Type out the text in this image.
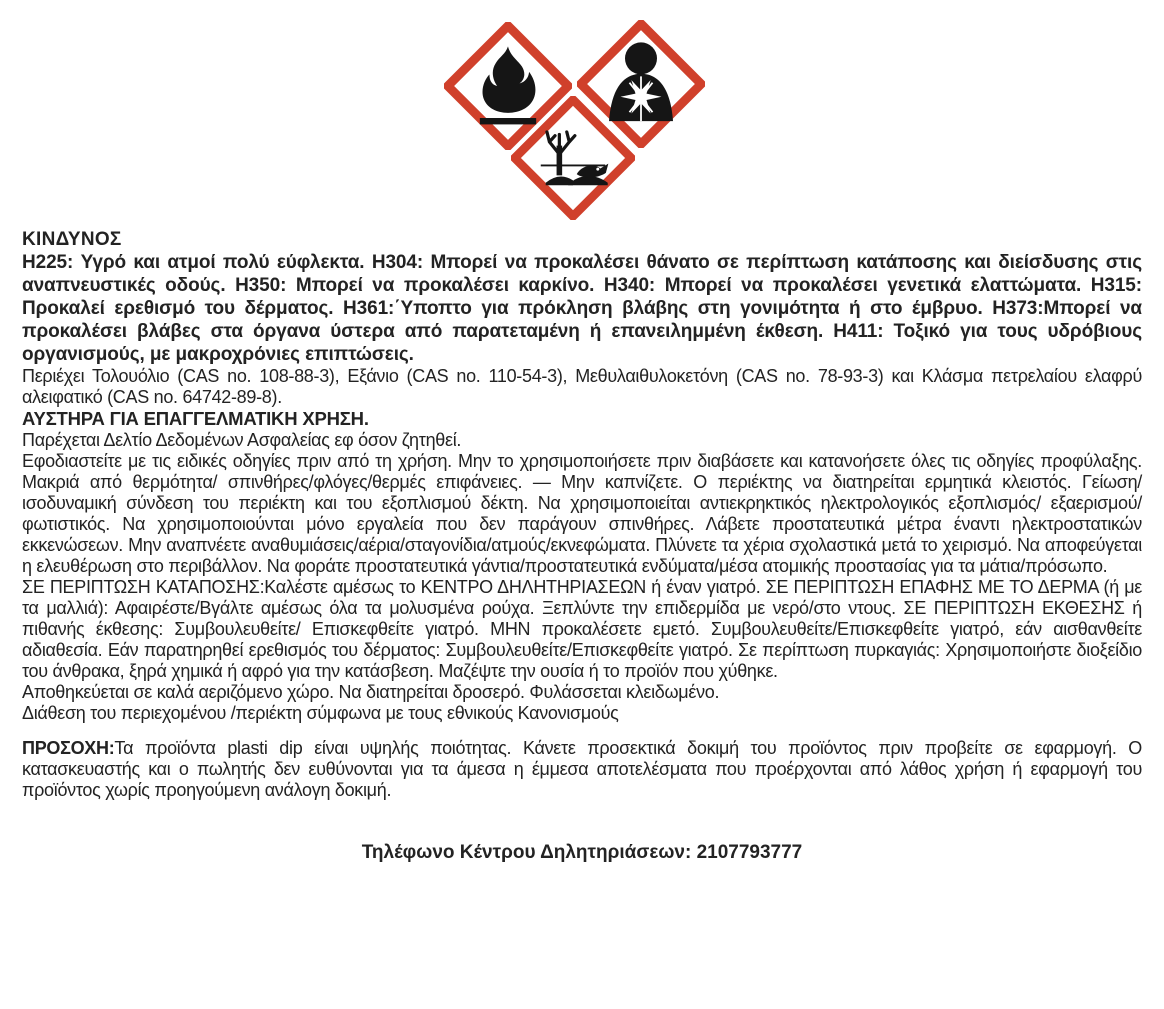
ΚΙΝΔΥΝΟΣ

H225: Υγρό και ατμοί πολύ εύφλεκτα. H304: Μπορεί να προκαλέσει θάνατο σε περίπτωση κατάποσης και διείσδυσης στις αναπνευστικές οδούς. H350: Μπορεί να προκαλέσει καρκίνο. H340: Μπορεί να προκαλέσει γενετικά ελαττώματα. H315: Προκαλεί ερεθισμό του δέρματος. H361:΄Υποπτο για πρόκληση βλάβης στη γονιμότητα ή στο έμβρυο. H373:Μπορεί να προκαλέσει βλάβες στα όργανα ύστερα από παρατεταμένη ή επανειλημμένη έκθεση. H411: Τοξικό για τους υδρόβιους οργανισμούς, με μακροχρόνιες επιπτώσεις.

Περιέχει Τολουόλιο (CAS no. 108-88-3), Εξάνιο (CAS no. 110-54-3), Μεθυλαιθυλοκετόνη (CAS no. 78-93-3) και Κλάσμα πετρελαίου ελαφρύ αλειφατικό (CAS no. 64742-89-8).

ΑΥΣΤΗΡΑ ΓΙΑ ΕΠΑΓΓΕΛΜΑΤΙΚΗ ΧΡΗΣΗ.

Παρέχεται Δελτίο Δεδομένων Ασφαλείας εφ όσον ζητηθεί.

Εφοδιαστείτε με τις ειδικές οδηγίες πριν από τη χρήση. Μην το χρησιμοποιήσετε πριν διαβάσετε και κατανοήσετε όλες τις οδηγίες προφύλαξης. Μακριά από θερμότητα/ σπινθήρες/φλόγες/θερμές επιφάνειες. — Μην καπνίζετε. Ο περιέκτης να διατηρείται ερμητικά κλειστός. Γείωση/ισοδυναμική σύνδεση του περιέκτη και του εξοπλισμού δέκτη. Να χρησιμοποιείται αντιεκρηκτικός ηλεκτρολογικός εξοπλισμός/ εξαερισμού/ φωτιστικός. Να χρησιμοποιούνται μόνο εργαλεία που δεν παράγουν σπινθήρες. Λάβετε προστατευτικά μέτρα έναντι ηλεκτροστατικών εκκενώσεων. Μην αναπνέετε αναθυμιάσεις/αέρια/σταγονίδια/ατμούς/εκνεφώματα. Πλύνετε τα χέρια σχολαστικά μετά το χειρισμό. Να αποφεύγεται η ελευθέρωση στο περιβάλλον. Να φοράτε προστατευτικά γάντια/προστατευτικά ενδύματα/μέσα ατομικής προστασίας για τα μάτια/πρόσωπο.

ΣΕ ΠΕΡΙΠΤΩΣΗ ΚΑΤΑΠΟΣΗΣ:Καλέστε αμέσως το ΚΕΝΤΡΟ ΔΗΛΗΤΗΡΙΑΣΕΩΝ ή έναν γιατρό. ΣΕ ΠΕΡΙΠΤΩΣΗ ΕΠΑΦΗΣ ΜΕ ΤΟ ΔΕΡΜΑ (ή με τα μαλλιά): Αφαιρέστε/Βγάλτε αμέσως όλα τα μολυσμένα ρούχα. Ξεπλύντε την επιδερμίδα με νερό/στο ντους. ΣΕ ΠΕΡΙΠΤΩΣΗ ΕΚΘΕΣΗΣ ή πιθανής έκθεσης: Συμβουλευθείτε/ Επισκεφθείτε γιατρό. ΜΗΝ προκαλέσετε εμετό. Συμβουλευθείτε/Επισκεφθείτε γιατρό, εάν αισθανθείτε αδιαθεσία. Εάν παρατηρηθεί ερεθισμός του δέρματος: Συμβουλευθείτε/Επισκεφθείτε γιατρό. Σε περίπτωση πυρκαγιάς: Χρησιμοποιήστε διοξείδιο του άνθρακα, ξηρά χημικά ή αφρό για την κατάσβεση. Μαζέψτε την ουσία ή το προϊόν που χύθηκε.

Αποθηκεύεται σε καλά αεριζόμενο χώρο. Να διατηρείται δροσερό. Φυλάσσεται κλειδωμένο.

Διάθεση του περιεχομένου /περιέκτη σύμφωνα με τους εθνικούς Κανονισμούς

ΠΡΟΣΟΧΗ:Τα προϊόντα plasti dip είναι υψηλής ποιότητας. Κάνετε προσεκτικά δοκιμή του προϊόντος πριν προβείτε σε εφαρμογή. Ο κατασκευαστής και ο πωλητής δεν ευθύνονται για τα άμεσα η έμμεσα αποτελέσματα που προέρχονται από λάθος χρήση ή εφαρμογή του προϊόντος χωρίς προηγούμενη ανάλογη δοκιμή.

Τηλέφωνο Κέντρου Δηλητηριάσεων: 2107793777
